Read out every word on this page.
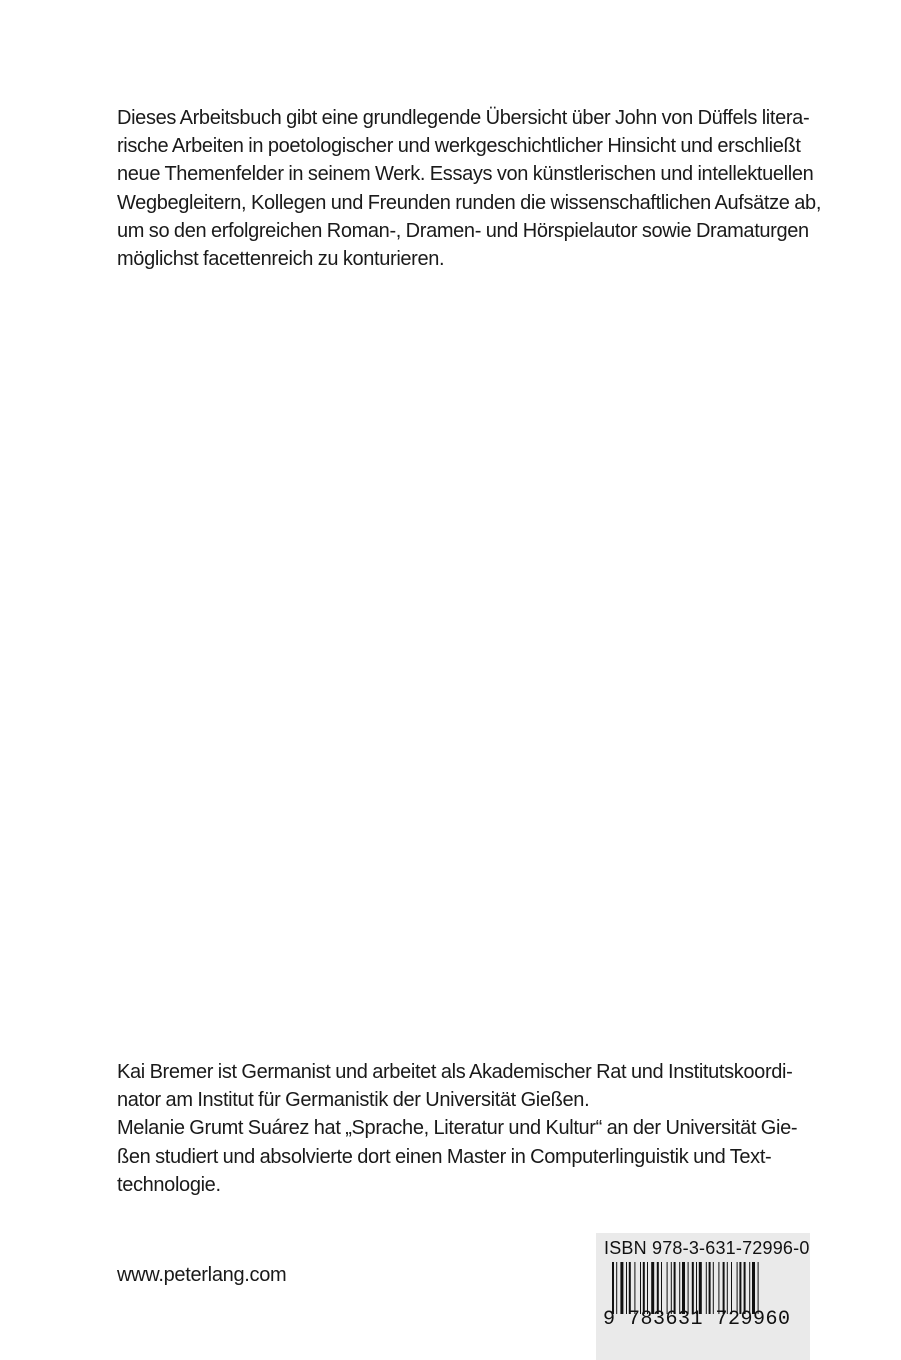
Dieses Arbeitsbuch gibt eine grundlegende Übersicht über John von Düffels litera-
rische Arbeiten in poetologischer und werkgeschichtlicher Hinsicht und erschließt
neue Themenfelder in seinem Werk. Essays von künstlerischen und intellektuellen
Wegbegleitern, Kollegen und Freunden runden die wissenschaftlichen Aufsätze ab,
um so den erfolgreichen Roman-, Dramen- und Hörspielautor sowie Dramaturgen
möglichst facettenreich zu konturieren.
Kai Bremer ist Germanist und arbeitet als Akademischer Rat und Institutskoordi-
nator am Institut für Germanistik der Universität Gießen.
Melanie Grumt Suárez hat „Sprache, Literatur und Kultur“ an der Universität Gie-
ßen studiert und absolvierte dort einen Master in Computerlinguistik und Text-
technologie.
www.peterlang.com
ISBN 978-3-631-72996-0
9 783631 729960
